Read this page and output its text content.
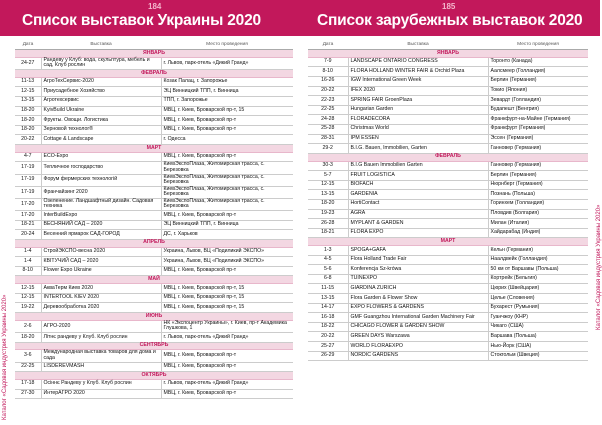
184
Список выставок Украины 2020
Каталог «Садовая индустрия Украины 2020»
Дата	Выставка	Место проведения
ЯНВАРЬ		
24-27	Рандеву у Клуб: вода, скульптура, мебель и сад, Клуб рослин	г. Львов, парк-отель «Дикий Гранд»
ФЕВРАЛЬ		
11-13	АгроТехСервис-2020	Козак Палац, г. Запорожье
12-15	Приусадебное Хозяйство	ЭЦ Винницкий ТПП, г. Винница
13-15	Агротехсервис	ТПП, г. Запорожье
18-20	KyivBuild Ukraine	МВЦ, г. Киев, Броварской пр-т, 15
18-20	Фрукты. Овощи. Логистика	МВЦ, г. Киев, Броварской пр-т
18-20	Зерновой технолог®	МВЦ, г. Киев, Броварской пр-т
20-22	Cottage & Landscape	г. Одесса
МАРТ		
4-7	ECO-Expo	МВЦ, г. Киев, Броварской пр-т
17-19	Тепличное господарство	КиевЭкспоПлаза, Житомирская трасса, с. Березовка
17-19	Форум фермерских технологій	КиевЭкспоПлаза, Житомирская трасса, с. Березовка
17-19	Франчайзинг 2020	КиевЭкспоПлаза, Житомирская трасса, с. Березовка
17-20	Озеленение. Ландшафтный дизайн. Садовая техника	КиевЭкспоПлаза, Житомирская трасса, с. Березовка
17-20	InterBuildExpo	МВЦ, г. Киев, Броварской пр-т
18-21	ВЕСНЯНИЙ САД – 2020	ЭЦ Винницкий ТПП, г. Винница
20-24	Весенний ярмарок САД-ГОРОД	ДС, г. Харьков
АПРЕЛЬ		
1-4	СтройЭКСПО-весна 2020	Украина, Львов, ВЦ «Подиликий ЭКСПО»
1-4	КВІТУЧИЙ САД – 2020	Украина, Львов, ВЦ «Подиликий ЭКСПО»
8-10	Flower Expo Ukraine	МВЦ, г. Киев, Броварской пр-т
МАЙ		
12-15	АкваТерм Киев 2020	МВЦ, г. Киев, Броварской пр-т, 15
12-15	INTERTOOL KIEV 2020	МВЦ, г. Киев, Броварской пр-т, 15
19-22	Деревообработка 2020	МВЦ, г. Киев, Броварской пр-т, 15
ИЮНЬ		
2-6	АГРО-2020	НК «Экспоцентр Украины», г. Киев, пр-т Академика Глушкова, 1
18-20	Літнє рандеву у Клуб. Клуб рослин	г. Львов, парк-отель «Дикий Гранд»
СЕНТЯБРЬ		
3-6	Международная выставка товаров для дома и сада	МВЦ, г. Киев, Броварской пр-т
22-25	LISDEREVMASH	МВЦ, г. Киев, Броварской пр-т
ОКТЯБРЬ		
17-18	Осіннє Рандеву у Клуб. Клуб рослин	г. Львов, парк-отель «Дикий Гранд»
27-30	ИнтерАГРО 2020	МВЦ, г. Киев, Броварской пр-т
185
Список зарубежных выставок 2020
Каталог «Садовая индустрия Украины 2020»
Дата	Выставка	Место проведения
ЯНВАРЬ		
7-9	LANDSCAPE ONTARIO CONGRESS	Торонто (Канада)
8-10	FLORA HOLLAND WINTER FAIR & Orchid Plaza	Аалсмеер (Голландия)
16-26	IGW International Green Week	Берлин (Германия)
20-22	IFEX 2020	Токио (Япония)
22-23	SPRING FAIR GroenPlaza	Зевардт (Голландия)
22-25	Hungarian Garden	Будапешт (Венгрия)
24-28	FLORADECORA	Франкфурт-на-Майне (Германия)
25-28	Christmas World	Франкфурт (Германия)
28-31	IPM ESSEN	Эссен (Германия)
29-2	B.I.G. Bauen, Immobilien, Garten	Ганновер (Германия)
ФЕВРАЛЬ		
30-3	B.I.G Bauen Immobilien Garten	Ганновер (Германия)
5-7	FRUIT LOGISTICA	Берлин (Германия)
12-15	BIOFACH	Нюрнберг (Германия)
13-15	GARDENIA	Познань (Польша)
18-20	HortiContact	Горинхем (Голландия)
19-23	AGRA	Пловдив (Болгария)
26-28	MYPLANT & GARDEN	Милан (Италия)
18-21	FLORA EXPO	Хайдарабад (Индия)
МАРТ		
1-3	SPOGA+GAFA	Кельн (Германия)
4-5	Flora Holland Trade Fair	Наалдвейк (Голландия)
5-6	Konferencja Sz-krówa	50 км от Варшавы (Польша)
6-8	TUINEXPO	Кортрейк (Бельгия)
11-15	GIARDINA ZURICH	Цюрих (Швейцария)
13-15	Flora Garden & Flower Show	Целье (Словения)
14-17	EXPO FLOWERS & GARDENS	Бухарест (Румыния)
16-18	GMF Guangzhou International Garden Machinery Fair	Гуанчжоу (КНР)
18-22	CHICAGO FLOWER & GARDEN SHOW	Чикаго (США)
20-22	GREEN DAYS Warszawa	Варшава (Польша)
25-27	WORLD FLORAEXPO	Нью-Йорк (США)
26-29	NORDIC GARDENS	Стокгольм (Швеция)
